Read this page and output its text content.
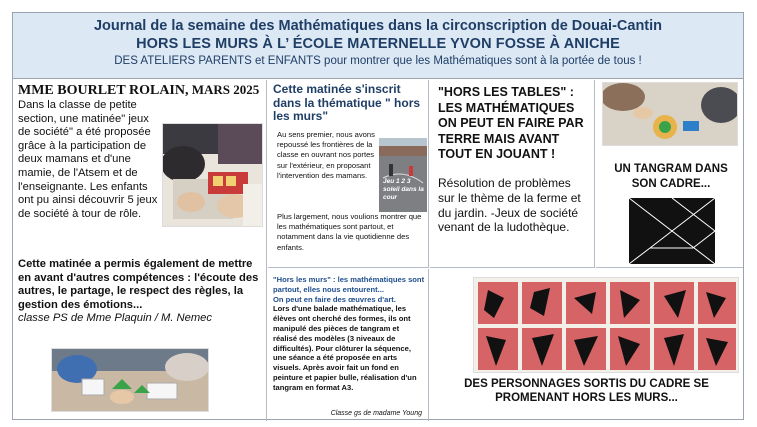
Journal de la semaine des Mathématiques dans la circonscription de Douai-Cantin
HORS LES MURS À L’ ÉCOLE MATERNELLE YVON FOSSE À ANICHE
DES ATELIERS PARENTS et ENFANTS pour montrer que les Mathématiques sont à la portée de tous !
MME BOURLET ROLAIN, MARS 2025
Dans la classe de petite section, une matinée" jeux de société" a été proposée grâce à la participation de deux mamans et d'une mamie, de l'Atsem et de l'enseignante. Les enfants ont pu ainsi découvrir 5 jeux de société à tour de rôle.
Cette matinée a permis également de mettre en avant d'autres compétences : l'écoute des autres, le partage, le respect des règles, la gestion des émotions...
classe PS de Mme Plaquin / M. Nemec
Cette matinée s'inscrit dans la thématique " hors les murs"
Au sens premier, nous avons repoussé les frontières de la classe en ouvrant nos portes sur l'extérieur, en proposant l'intervention des mamans.
Jeu 1 2 3 soleil dans la cour
Plus largement, nous voulions montrer que les mathématiques sont partout, et notamment dans la vie quotidienne des enfants.
"Hors les murs" : les mathématiques sont partout, elles nous entourent...
On peut en faire des œuvres d'art.
Lors d'une balade mathématique, les élèves ont cherché des formes, ils ont manipulé des pièces de tangram et réalisé des modèles (3 niveaux de difficultés). Pour clôturer la séquence, une séance a été proposée en arts visuels. Après avoir fait un fond en peinture et papier bulle, réalisation d'un tangram en format A3.
Classe gs de madame Young
"HORS LES TABLES" : LES MATHÉMATIQUES ON PEUT EN FAIRE PAR TERRE MAIS AVANT TOUT EN JOUANT !
Résolution de problèmes sur le thème de la ferme et du jardin. -Jeux de société venant de la ludothèque.
UN TANGRAM DANS SON CADRE...
DES PERSONNAGES SORTIS DU CADRE SE PROMENANT HORS LES MURS...
